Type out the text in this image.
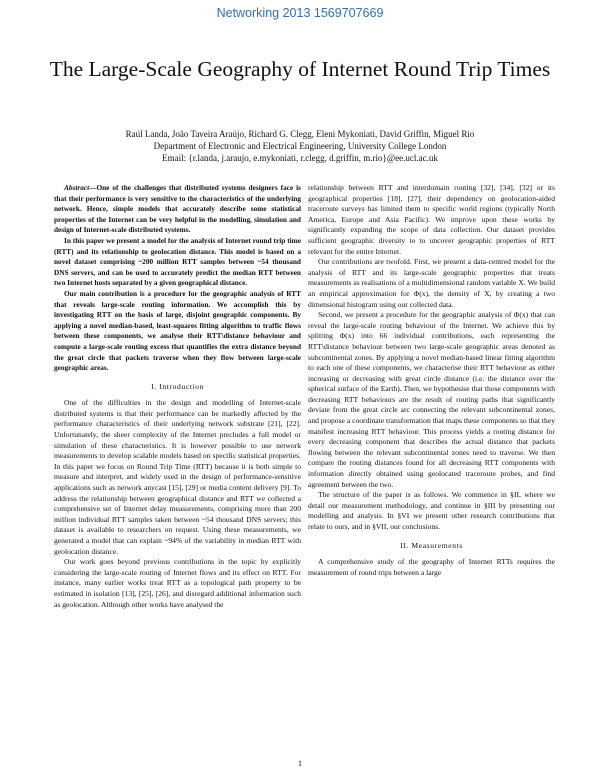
Networking 2013 1569707669
The Large-Scale Geography of Internet Round Trip Times
Raúl Landa, João Taveira Araújo, Richard G. Clegg, Eleni Mykoniati, David Griffin, Miguel Rio
Department of Electronic and Electrical Engineering, University College London
Email: {r.landa, j.araujo, e.mykoniati, r.clegg, d.griffin, m.rio}@ee.ucl.ac.uk

Abstract—One of the challenges that distributed systems designers face is that their performance is very sensitive to the characteristics of the underlying network. Hence, simple models that accurately describe some statistical properties of the Internet can be very helpful in the modelling, simulation and design of Internet-scale distributed systems.

In this paper we present a model for the analysis of Internet round trip time (RTT) and its relationship to geolocation distance. This model is based on a novel dataset comprising ~200 million RTT samples between ~54 thousand DNS servers, and can be used to accurately predict the median RTT between two Internet hosts separated by a given geographical distance.

Our main contribution is a procedure for the geographic analysis of RTT that reveals large-scale routing information. We accomplish this by investigating RTT on the basis of large, disjoint geographic components. By applying a novel median-based, least-squares fitting algorithm to traffic flows between these components, we analyse their RTT\distance behaviour and compute a large-scale routing excess that quantifies the extra distance beyond the great circle that packets traverse when they flow between large-scale geographic areas.

I. Introduction

One of the difficulties in the design and modelling of Internet-scale distributed systems is that their performance can be markedly affected by the performance characteristics of their underlying network substrate [21], [22]. Unfortunately, the sheer complexity of the Internet precludes a full model or simulation of these characteristics. It is however possible to use network measurements to develop scalable models based on specific statistical properties. In this paper we focus on Round Trip Time (RTT) because it is both simple to measure and interpret, and widely used in the design of performance-sensitive applications such as network anycast [15], [29] or media content delivery [9]. To address the relationship between geographical distance and RTT we collected a comprehensive set of Internet delay measurements, comprising more than 200 million individual RTT samples taken between ~54 thousand DNS servers; this dataset is available to researchers on request. Using these measurements, we generated a model that can explain ~94% of the variability in median RTT with geolocation distance.

Our work goes beyond previous contributions in the topic by explicitly considering the large-scale routing of Internet flows and its effect on RTT. For instance, many earlier works treat RTT as a topological path property to be estimated in isolation [13], [25], [26], and disregard additional information such as geolocation. Although other works have analysed the

relationship between RTT and interdomain routing [32], [34], [32] or its geographical properties [18], [27], their dependency on geolocation-aided traceroute surveys has limited them to specific world regions (typically North America, Europe and Asia Pacific). We improve upon these works by significantly expanding the scope of data collection. Our dataset provides sufficient geographic diversity to to uncover geographic properties of RTT relevant for the entire Internet.

Our contributions are twofold. First, we present a data-centred model for the analysis of RTT and its large-scale geographic properties that treats measurements as realisations of a multidimensional random variable X. We build an empirical approximation for Φ(x), the density of X, by creating a two dimensional histogram using our collected data.

Second, we present a procedure for the geographic analysis of Φ(x) that can reveal the large-scale routing behaviour of the Internet. We achieve this by splitting Φ(x) into 66 individual contributions, each representing the RTT\distance behaviour between two large-scale geographic areas denoted as subcontinental zones. By applying a novel median-based linear fitting algorithm to each one of these components, we characterise their RTT behaviour as either increasing or decreasing with great circle distance (i.e. the distance over the spherical surface of the Earth). Then, we hypothesise that those components with decreasing RTT behaviours are the result of routing paths that significantly deviate from the great circle arc connecting the relevant subcontinental zones, and propose a coordinate transformation that maps these components so that they manifest increasing RTT behaviour. This process yields a routing distance for every decreasing component that describes the actual distance that packets flowing between the relevant subcontinental zones need to traverse. We then compare the routing distances found for all decreasing RTT components with information directly obtained using geolocated traceroute probes, and find agreement between the two.

The structure of the paper is as follows. We commence in §II, where we detail our measurement methodology, and continue in §III by presenting our modelling and analysis. In §VI we present other research contributions that relate to ours, and in §VII, our conclusions.

II. Measurements

A comprehensive study of the geography of Internet RTTs requires the measurement of round trips between a large

1
